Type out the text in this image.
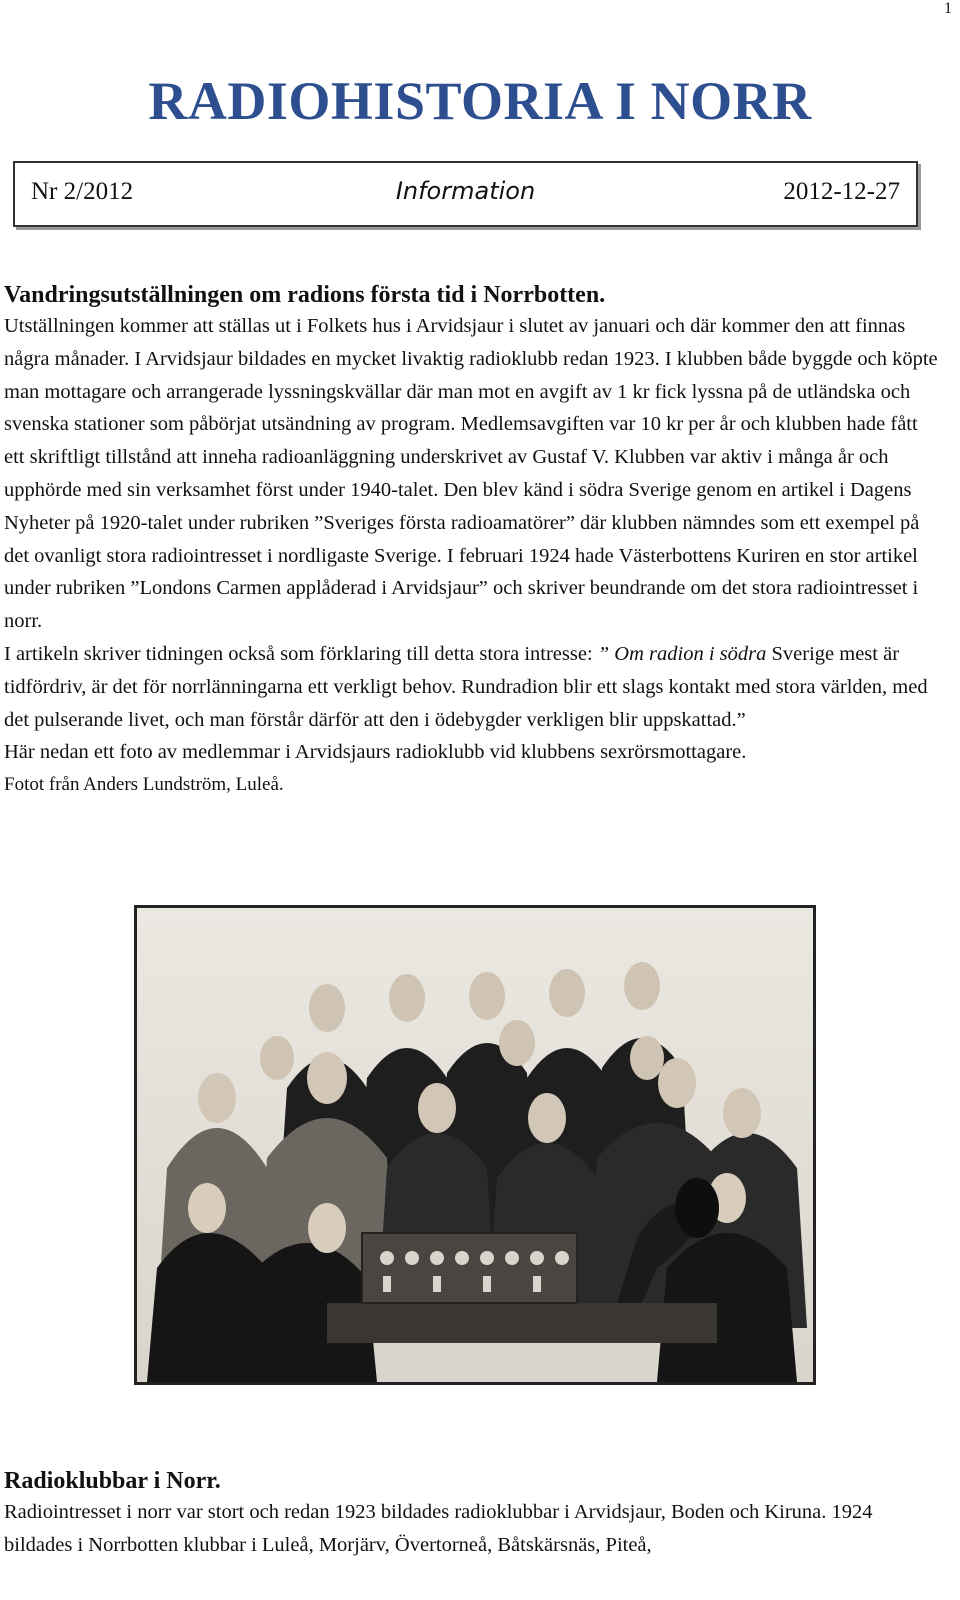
1
RADIOHISTORIA I NORR
Nr 2/2012	Information	2012-12-27
Vandringsutställningen om radions första tid i Norrbotten.

Utställningen kommer att ställas ut i Folkets hus i Arvidsjaur i slutet av januari och där kommer den att finnas några månader. I Arvidsjaur bildades en mycket livaktig radioklubb redan 1923. I klubben både byggde och köpte man mottagare och arrangerade lyssningskvällar där man mot en avgift av 1 kr fick lyssna på de utländska och svenska stationer som påbörjat utsändning av program. Medlemsavgiften var 10 kr per år och klubben hade fått ett skriftligt tillstånd att inneha radioanläggning underskrivet av Gustaf V. Klubben var aktiv i många år och upphörde med sin verksamhet först under 1940-talet. Den blev känd i södra Sverige genom en artikel i Dagens Nyheter på 1920-talet under rubriken ”Sveriges första radioamatörer” där klubben nämndes som ett exempel på det ovanligt stora radiointresset i nordligaste Sverige. I februari 1924 hade Västerbottens Kuriren en stor artikel under rubriken ”Londons Carmen applåderad i Arvidsjaur” och skriver beundrande om det stora radiointresset i norr.

I artikeln skriver tidningen också som förklaring till detta stora intresse: ” Om radion i södra Sverige mest är tidfördriv, är det för norrlänningarna ett verkligt behov. Rundradion blir ett slags kontakt med stora världen, med det pulserande livet, och man förstår därför att den i ödebygder verkligen blir uppskattad.”

Här nedan ett foto av medlemmar i Arvidsjaurs radioklubb vid klubbens sexrörsmottagare.

Fotot från Anders Lundström, Luleå.

Radioklubbar i Norr.

Radiointresset i norr var stort och redan 1923 bildades radioklubbar i Arvidsjaur, Boden och Kiruna. 1924 bildades i Norrbotten klubbar i Luleå, Morjärv, Övertorneå, Båtskärsnäs, Piteå,
